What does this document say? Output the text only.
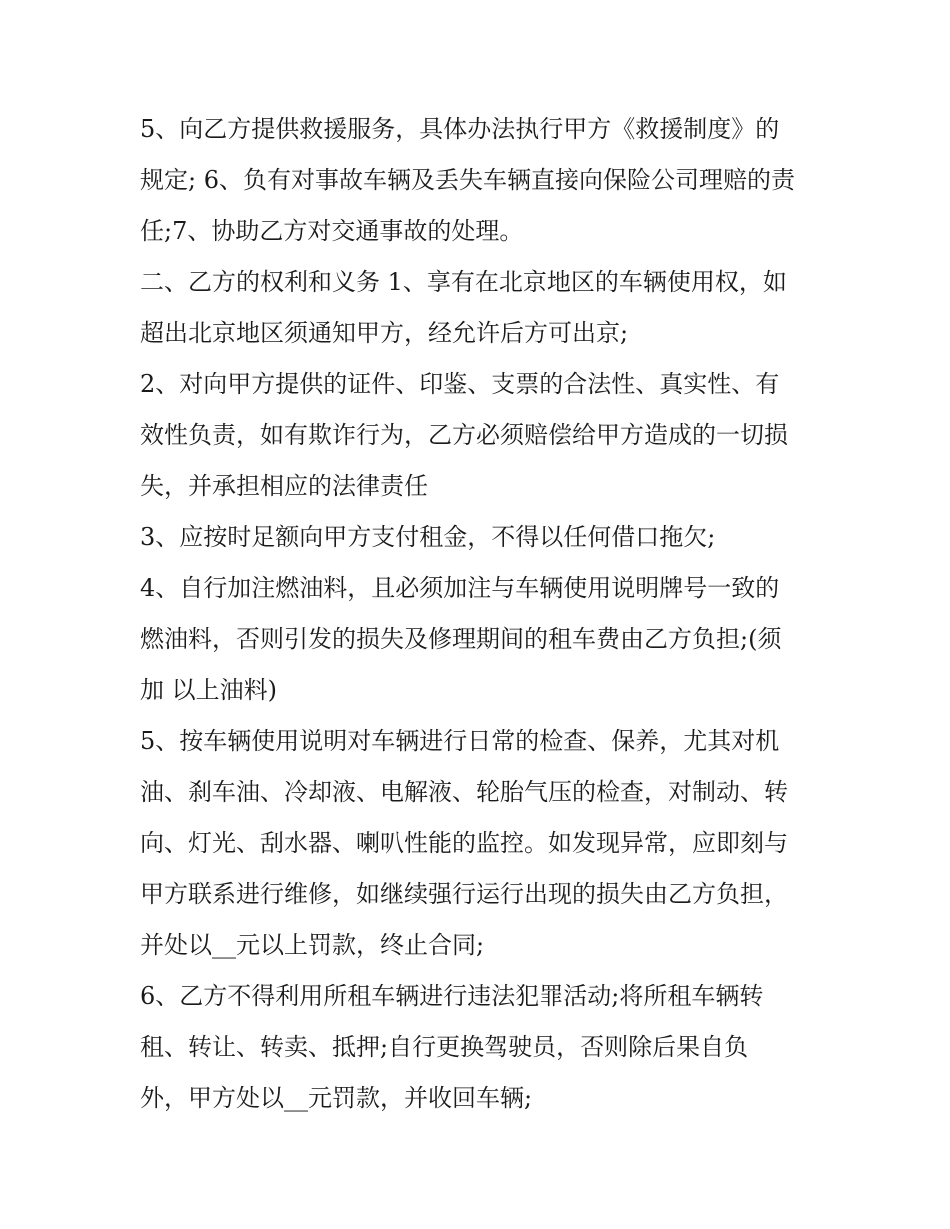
5、向乙方提供救援服务，具体办法执行甲方《救援制度》的
规定; 6、负有对事故车辆及丢失车辆直接向保险公司理赔的责
任;7、协助乙方对交通事故的处理。
二、乙方的权利和义务 1、享有在北京地区的车辆使用权，如
超出北京地区须通知甲方，经允许后方可出京;
2、对向甲方提供的证件、印鉴、支票的合法性、真实性、有
效性负责，如有欺诈行为，乙方必须赔偿给甲方造成的一切损
失，并承担相应的法律责任
3、应按时足额向甲方支付租金，不得以任何借口拖欠;
4、自行加注燃油料，且必须加注与车辆使用说明牌号一致的
燃油料，否则引发的损失及修理期间的租车费由乙方负担;(须
加 以上油料)
5、按车辆使用说明对车辆进行日常的检查、保养，尤其对机
油、刹车油、冷却液、电解液、轮胎气压的检查，对制动、转
向、灯光、刮水器、喇叭性能的监控。如发现异常，应即刻与
甲方联系进行维修，如继续强行运行出现的损失由乙方负担，
并处以__元以上罚款，终止合同;
6、乙方不得利用所租车辆进行违法犯罪活动;将所租车辆转
租、转让、转卖、抵押;自行更换驾驶员，否则除后果自负
外，甲方处以__元罚款，并收回车辆;
